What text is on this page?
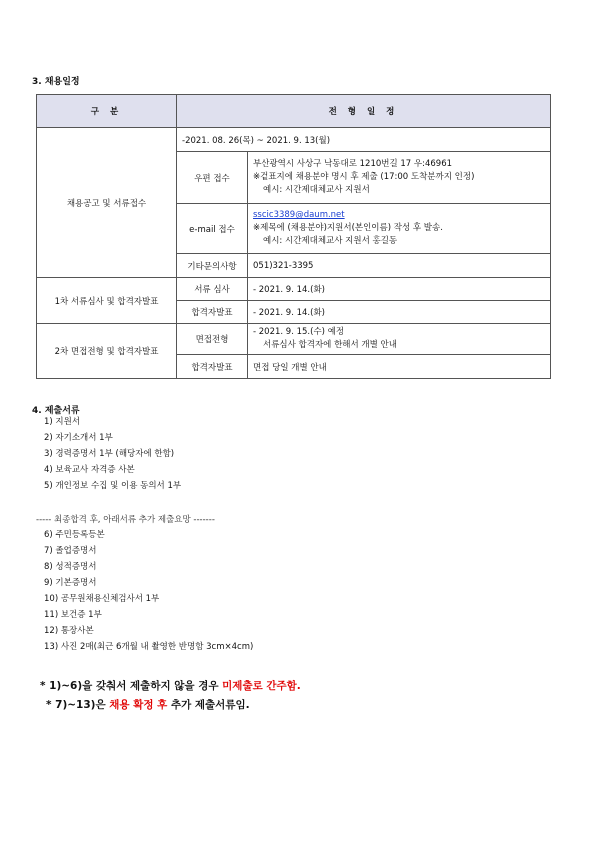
3. 채용일정
구 분	전 형 일 정	
채용공고 및 서류접수	-2021. 08. 26(목) ~ 2021. 9. 13(월)	
	우편 접수	부산광역시 사상구 낙동대로 1210번길 17 우:46961
※겉표지에 채용분야 명시 후 제출 (17:00 도착분까지 인정)
예시: 시간제대체교사 지원서

	e-mail 접수	sscic3389@daum.net
※제목에 (채용분야)지원서(본인이름) 작성 후 발송.
예시: 시간제대체교사 지원서 홍길동

	기타문의사항	051)321-3395
1차 서류심사 및 합격자발표	서류 심사	- 2021. 9. 14.(화)
	합격자발표	- 2021. 9. 14.(화)
2차 면접전형 및 합격자발표	면접전형	- 2021. 9. 15.(수) 예정
서류심사 합격자에 한해서 개별 안내

	합격자발표	면접 당일 개별 안내
4. 제출서류
1) 지원서
2) 자기소개서 1부
3) 경력증명서 1부 (해당자에 한함)
4) 보육교사 자격증 사본
5) 개인정보 수집 및 이용 동의서 1부
----- 최종합격 후, 아래서류 추가 제출요망 -------
6) 주민등록등본
7) 졸업증명서
8) 성적증명서
9) 기본증명서
10) 공무원채용신체검사서 1부
11) 보건증 1부
12) 통장사본
13) 사진 2매(최근 6개월 내 촬영한 반명함 3cm×4cm)
* 1)~6)을 갖춰서 제출하지 않을 경우 미제출로 간주함.
* 7)~13)은 채용 확정 후 추가 제출서류임.
